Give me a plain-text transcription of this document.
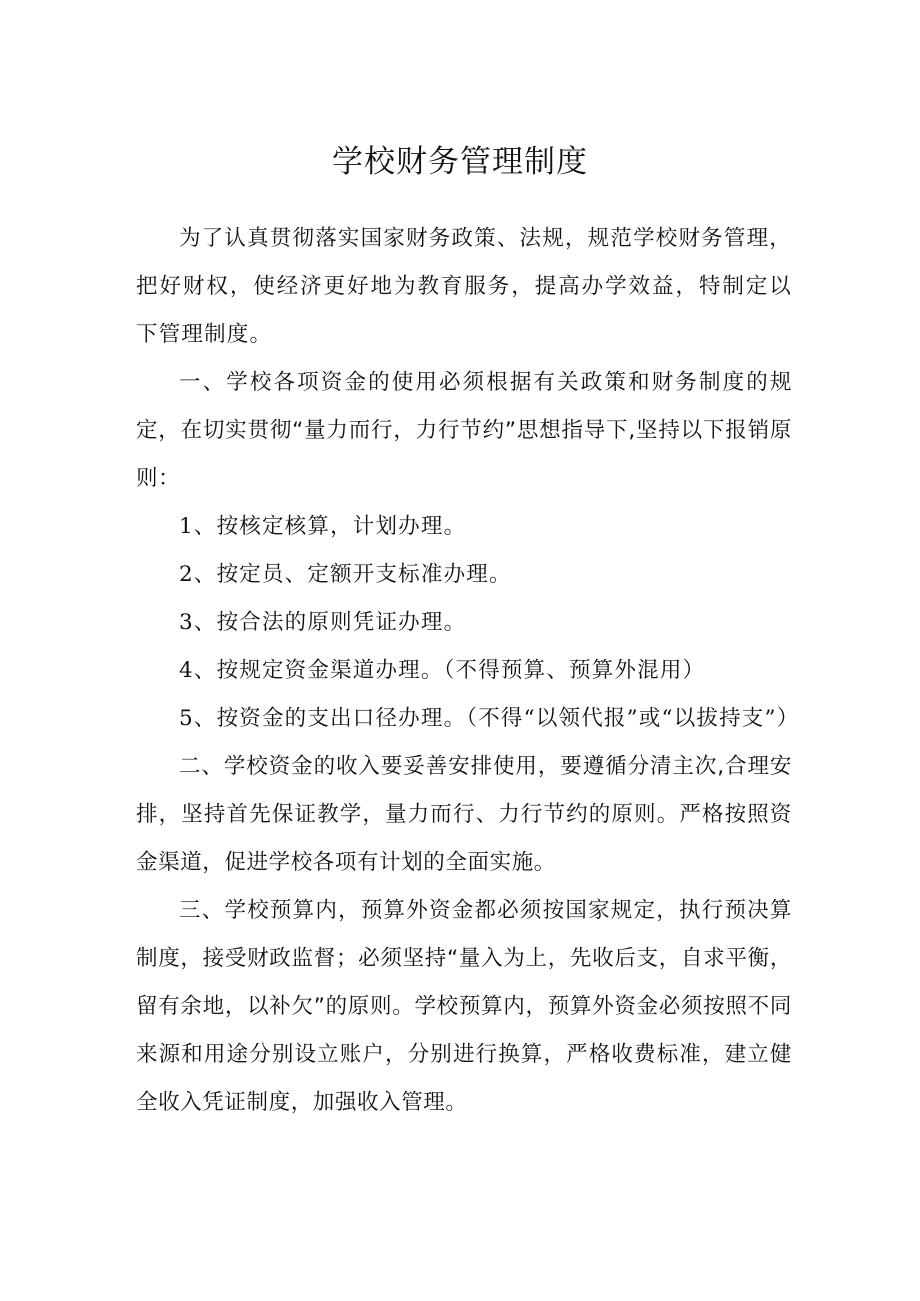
学校财务管理制度

为了认真贯彻落实国家财务政策、法规，规范学校财务管理，把好财权，使经济更好地为教育服务，提高办学效益，特制定以下管理制度。

一、学校各项资金的使用必须根据有关政策和财务制度的规定，在切实贯彻“量力而行，力行节约”思想指导下,坚持以下报销原则：

1、按核定核算，计划办理。

2、按定员、定额开支标准办理。

3、按合法的原则凭证办理。

4、按规定资金渠道办理。（不得预算、预算外混用）

5、按资金的支出口径办理。（不得“以领代报”或“以拔持支”）

二、学校资金的收入要妥善安排使用，要遵循分清主次,合理安排，坚持首先保证教学，量力而行、力行节约的原则。严格按照资金渠道，促进学校各项有计划的全面实施。

三、学校预算内，预算外资金都必须按国家规定，执行预决算制度，接受财政监督；必须坚持“量入为上，先收后支，自求平衡，留有余地，以补欠”的原则。学校预算内，预算外资金必须按照不同来源和用途分别设立账户，分别进行换算，严格收费标准，建立健全收入凭证制度，加强收入管理。
